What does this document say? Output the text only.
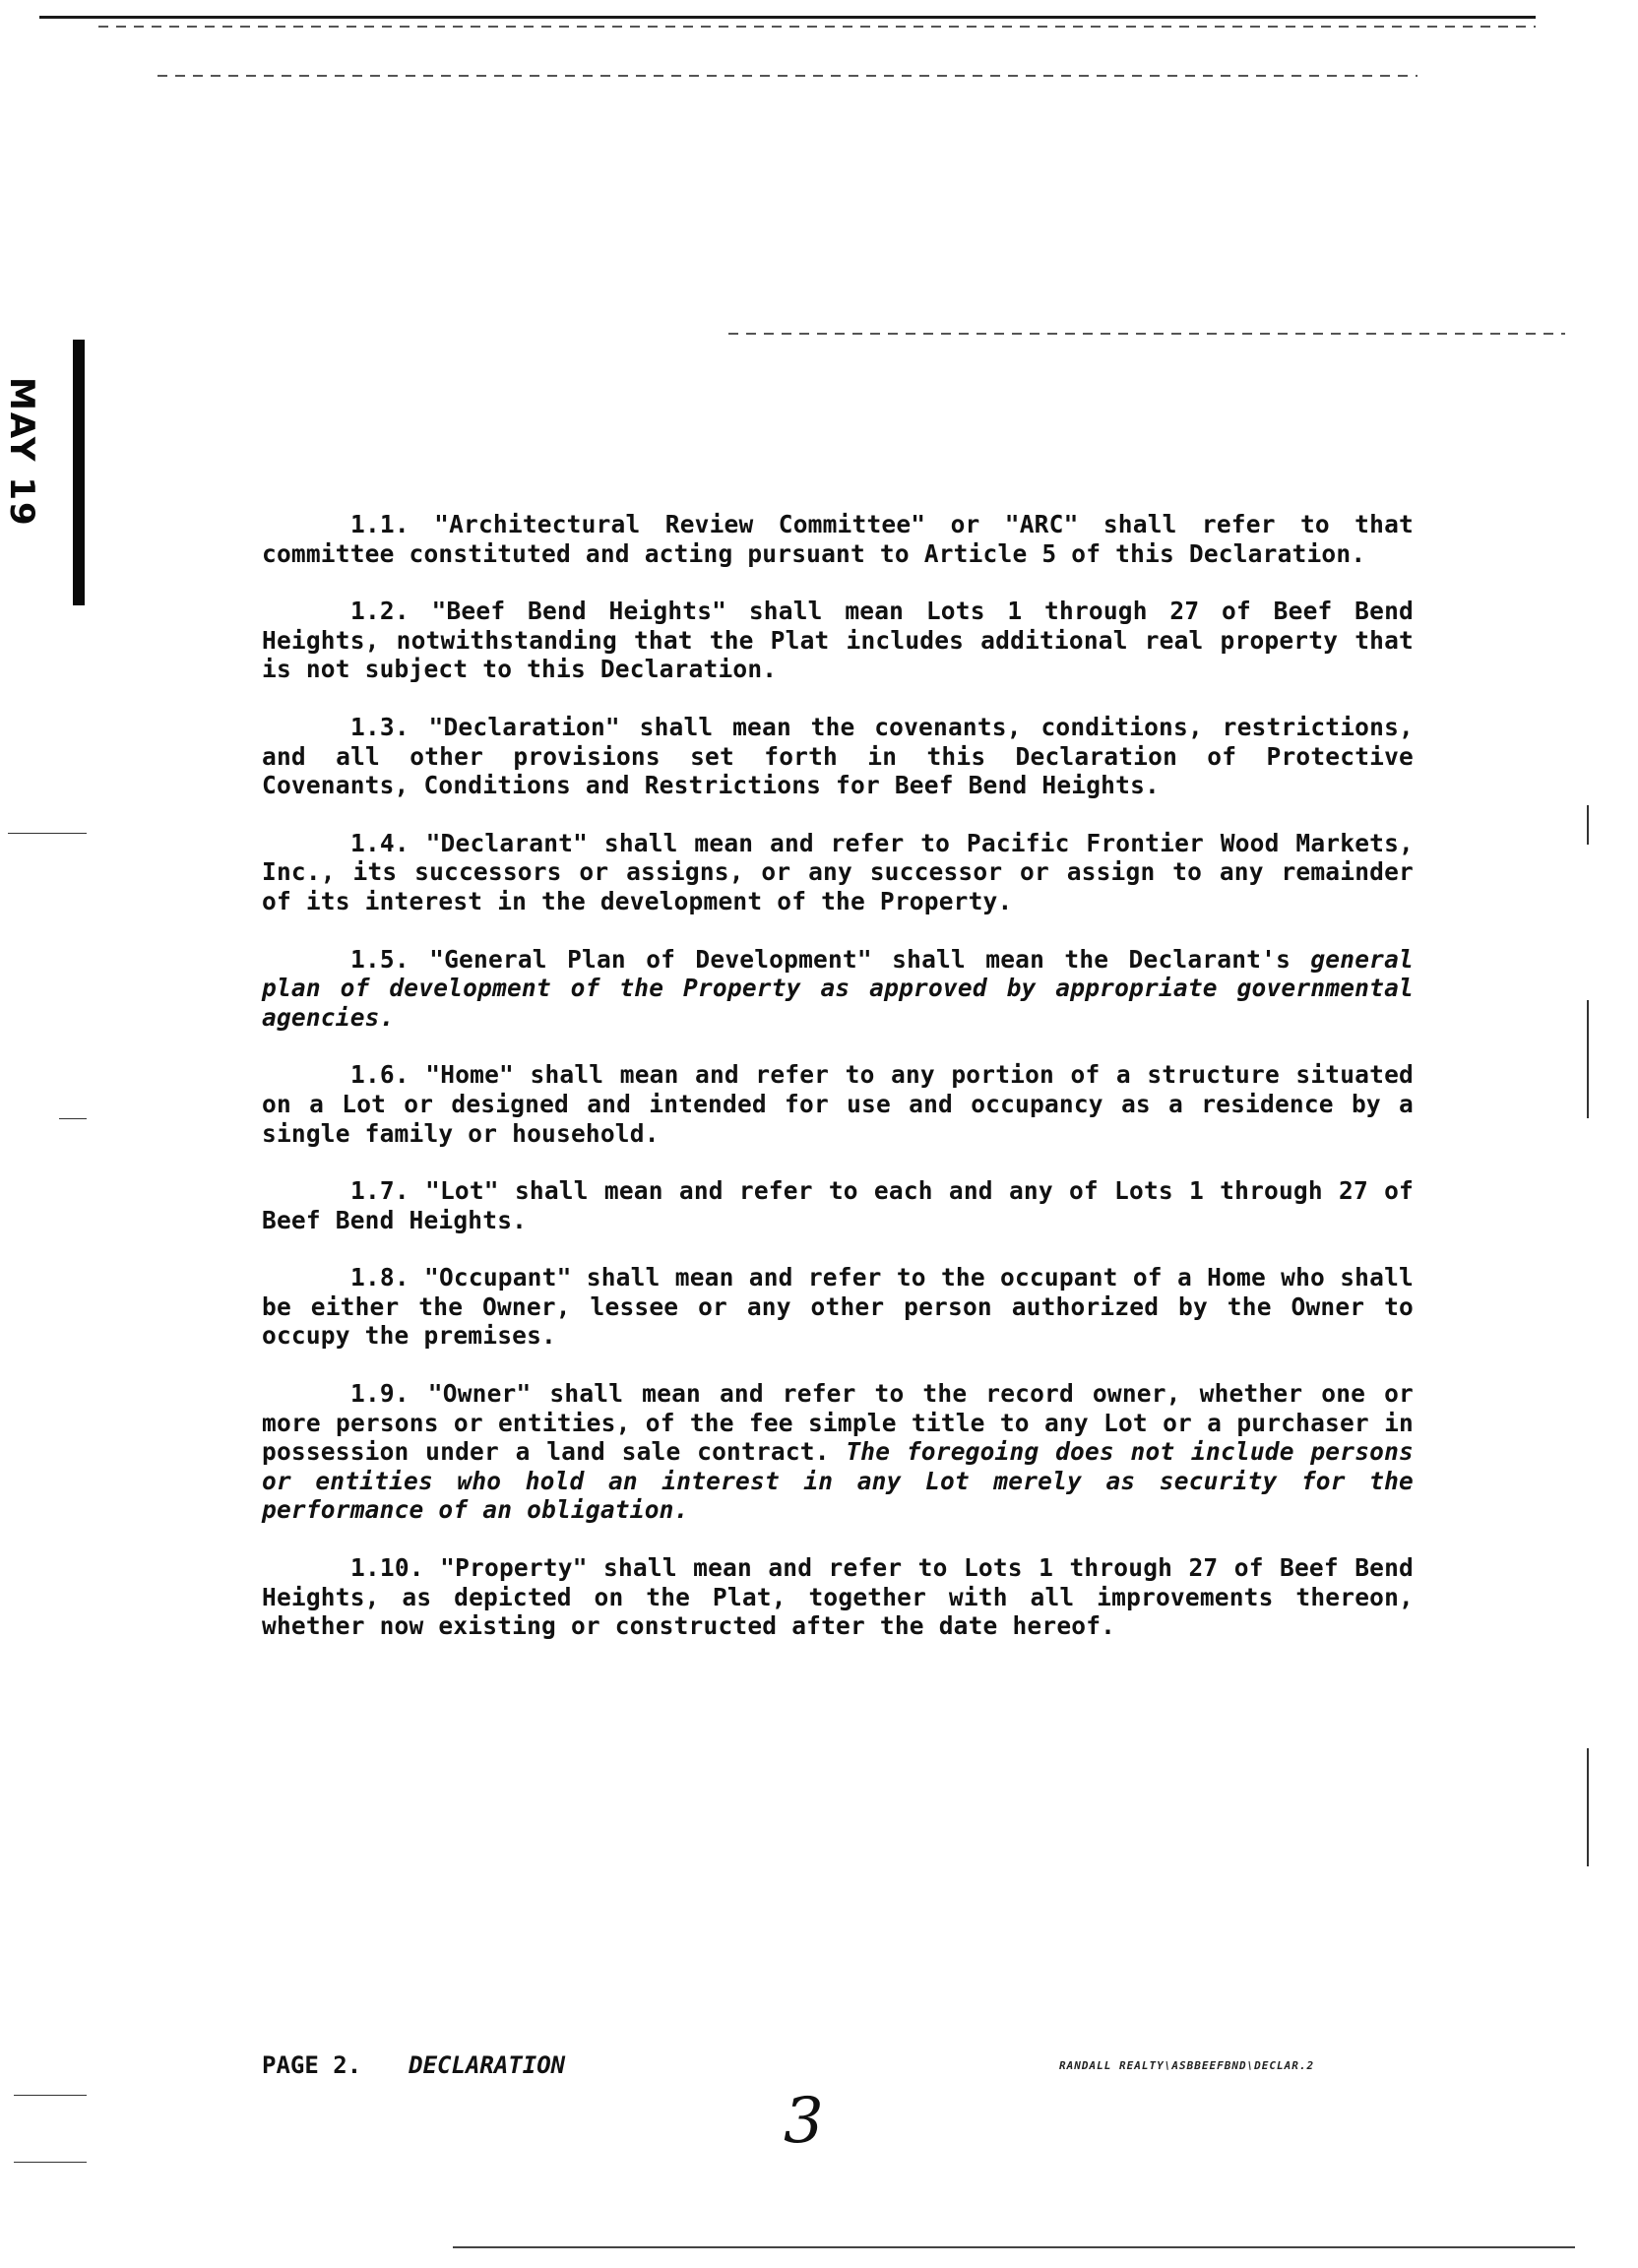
MAY 19	1.1. "Architectural Review Committee" or "ARC" shall refer to that committee constituted and acting pursuant to Article 5 of this Declaration.

1.2. "Beef Bend Heights" shall mean Lots 1 through 27 of Beef Bend Heights, notwithstanding that the Plat includes additional real property that is not subject to this Declaration.

1.3. "Declaration" shall mean the covenants, conditions, restrictions, and all other provisions set forth in this Declaration of Protective Covenants, Conditions and Restrictions for Beef Bend Heights.

1.4. "Declarant" shall mean and refer to Pacific Frontier Wood Markets, Inc., its successors or assigns, or any successor or assign to any remainder of its interest in the development of the Property.

1.5. "General Plan of Development" shall mean the Declarant's general plan of development of the Property as approved by appropriate governmental agencies.

1.6. "Home" shall mean and refer to any portion of a structure situated on a Lot or designed and intended for use and occupancy as a residence by a single family or household.

1.7. "Lot" shall mean and refer to each and any of Lots 1 through 27 of Beef Bend Heights.

1.8. "Occupant" shall mean and refer to the occupant of a Home who shall be either the Owner, lessee or any other person authorized by the Owner to occupy the premises.

1.9. "Owner" shall mean and refer to the record owner, whether one or more persons or entities, of the fee simple title to any Lot or a purchaser in possession under a land sale contract. The foregoing does not include persons or entities who hold an interest in any Lot merely as security for the performance of an obligation.

1.10. "Property" shall mean and refer to Lots 1 through 27 of Beef Bend Heights, as depicted on the Plat, together with all improvements thereon, whether now existing or constructed after the date hereof.

PAGE 2. DECLARATION	RANDALL REALTY\ASBBEEFBND\DECLAR.2
3
